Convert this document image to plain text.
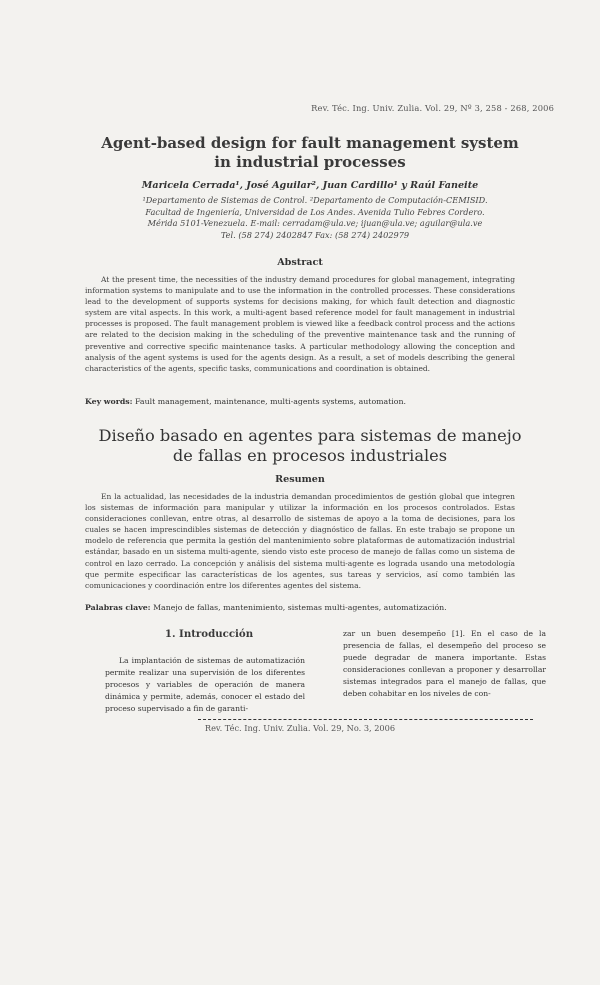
Rev. Téc. Ing. Univ. Zulia. Vol. 29, Nº 3, 258 - 268, 2006
Agent-based design for fault management system
in industrial processes
Maricela Cerrada¹, José Aguilar², Juan Cardillo¹ y Raúl Faneite
¹Departamento de Sistemas de Control. ²Departamento de Computación-CEMISID.
Facultad de Ingeniería, Universidad de Los Andes. Avenida Tulio Febres Cordero.
Mérida 5101-Venezuela. E-mail: cerradam@ula.ve; ijuan@ula.ve; aguilar@ula.ve
Tel. (58 274) 2402847 Fax: (58 274) 2402979
Abstract

At the present time, the necessities of the industry demand procedures for global management, integrating information systems to manipulate and to use the information in the controlled processes. These considerations lead to the development of supports systems for decisions making, for which fault detection and diagnostic system are vital aspects. In this work, a multi-agent based reference model for fault management in industrial processes is proposed. The fault management problem is viewed like a feedback control process and the actions are related to the decision making in the scheduling of the preventive maintenance task and the running of preventive and corrective specific maintenance tasks. A particular methodology allowing the conception and analysis of the agent systems is used for the agents design. As a result, a set of models describing the general characteristics of the agents, specific tasks, communications and coordination is obtained.

Key words: Fault management, maintenance, multi-agents systems, automation.
Diseño basado en agentes para sistemas de manejo
de fallas en procesos industriales
Resumen

En la actualidad, las necesidades de la industria demandan procedimientos de gestión global que integren los sistemas de información para manipular y utilizar la información en los procesos controlados. Estas consideraciones conllevan, entre otras, al desarrollo de sistemas de apoyo a la toma de decisiones, para los cuales se hacen imprescindibles sistemas de detección y diagnóstico de fallas. En este trabajo se propone un modelo de referencia que permita la gestión del mantenimiento sobre plataformas de automatización industrial estándar, basado en un sistema multi-agente, siendo visto este proceso de manejo de fallas como un sistema de control en lazo cerrado. La concepción y análisis del sistema multi-agente es lograda usando una metodología que permite especificar las características de los agentes, sus tareas y servicios, así como también las comunicaciones y coordinación entre los diferentes agentes del sistema.

Palabras clave: Manejo de fallas, mantenimiento, sistemas multi-agentes, automatización.
1. Introducción
La implantación de sistemas de automatización permite realizar una supervisión de los diferentes procesos y variables de operación de manera dinámica y permite, además, conocer el estado del proceso supervisado a fin de garanti-
zar un buen desempeño [1]. En el caso de la presencia de fallas, el desempeño del proceso se puede degradar de manera importante. Estas consideraciones conllevan a proponer y desarrollar sistemas integrados para el manejo de fallas, que deben cohabitar en los niveles de con-
Rev. Téc. Ing. Univ. Zulia. Vol. 29, No. 3, 2006
